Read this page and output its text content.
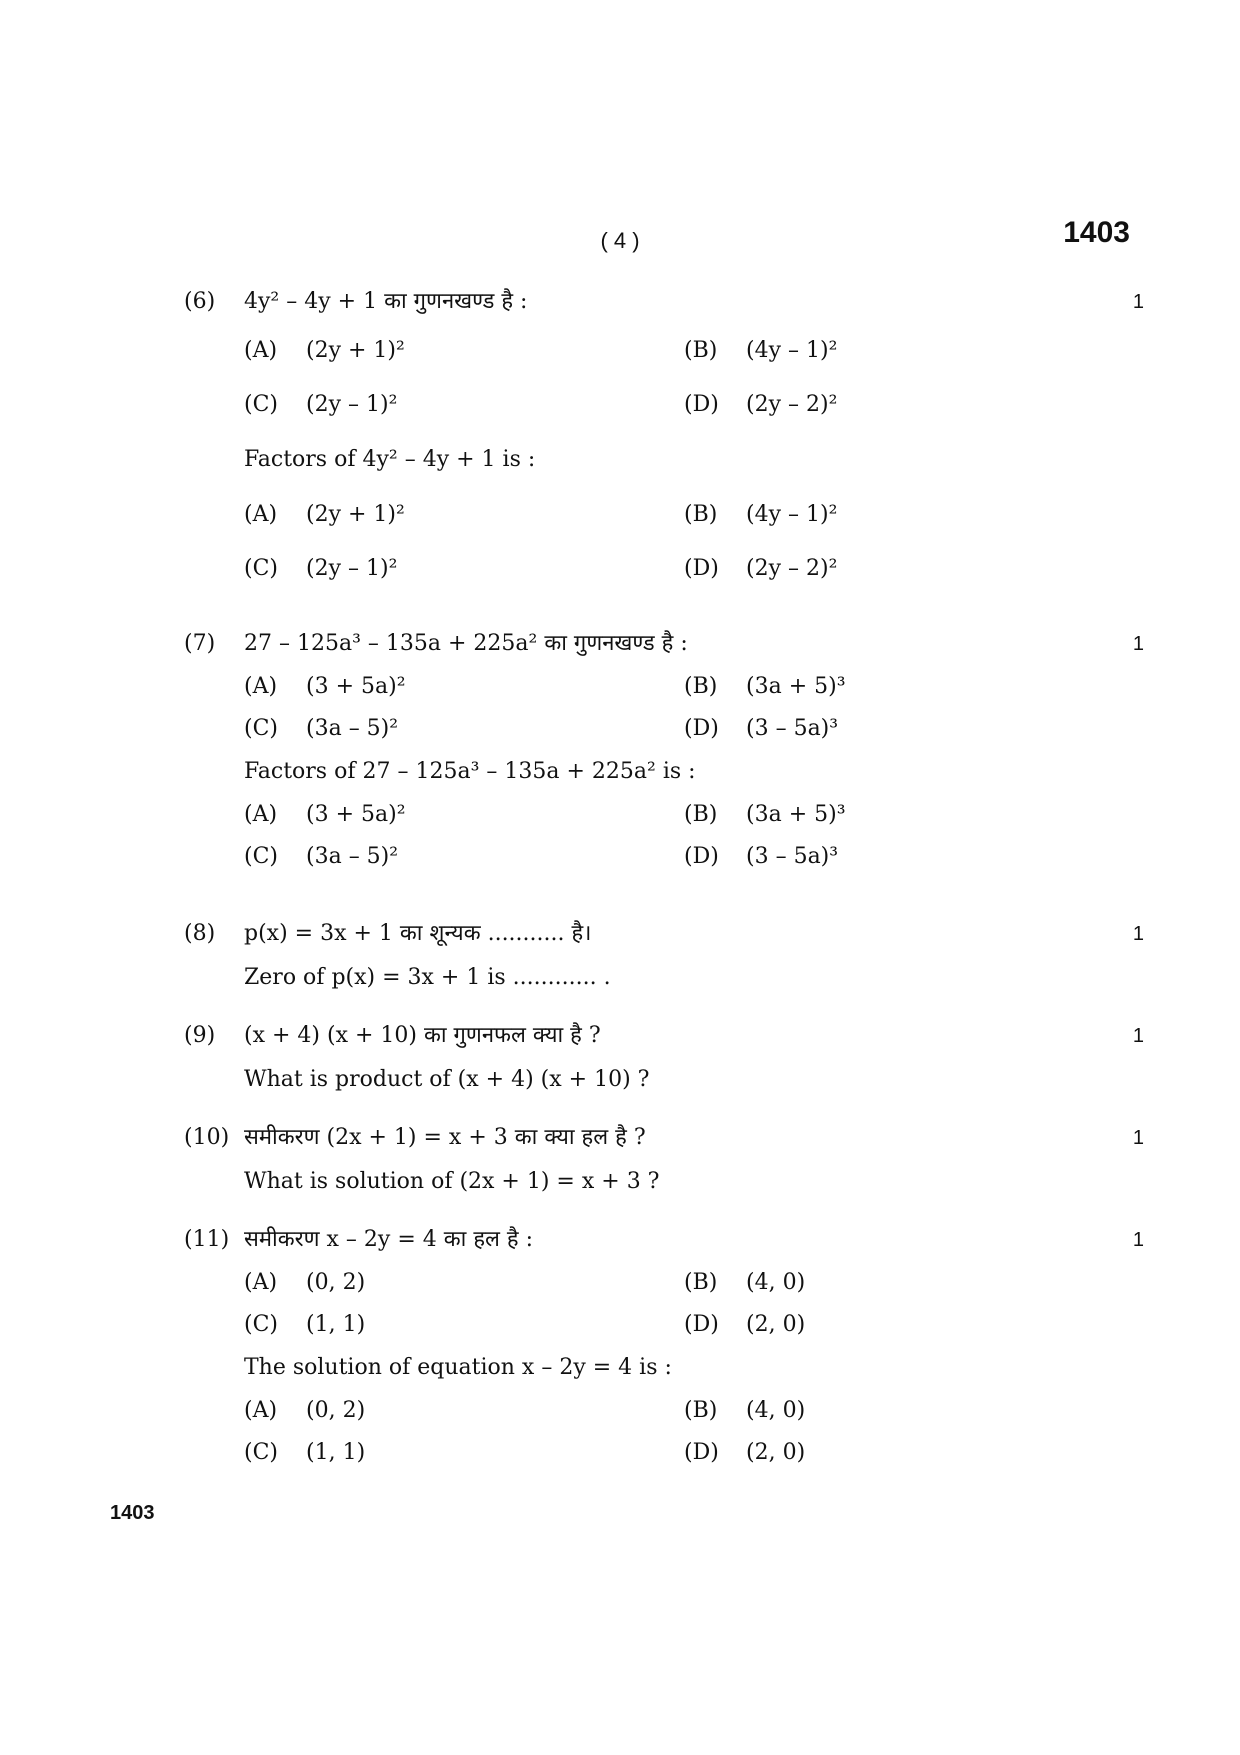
( 4 )	1403
(6) 4y² – 4y + 1 का गुणनखण्ड है :	1
(A) (2y + 1)²	(B) (4y – 1)²
(C) (2y – 1)²	(D) (2y – 2)²
Factors of 4y² – 4y + 1 is :
(A) (2y + 1)²	(B) (4y – 1)²
(C) (2y – 1)²	(D) (2y – 2)²
(7) 27 – 125a³ – 135a + 225a² का गुणनखण्ड है :	1
(A) (3 + 5a)²	(B) (3a + 5)³
(C) (3a – 5)²	(D) (3 – 5a)³
Factors of 27 – 125a³ – 135a + 225a² is :
(A) (3 + 5a)²	(B) (3a + 5)³
(C) (3a – 5)²	(D) (3 – 5a)³
(8) p(x) = 3x + 1 का शून्यक ........... है।	1
Zero of p(x) = 3x + 1 is ............ .
(9) (x + 4) (x + 10) का गुणनफल क्या है ?	1
What is product of (x + 4) (x + 10) ?
(10) समीकरण (2x + 1) = x + 3 का क्या हल है ?	1
What is solution of (2x + 1) = x + 3 ?
(11) समीकरण x – 2y = 4 का हल है :	1
(A) (0, 2)	(B) (4, 0)
(C) (1, 1)	(D) (2, 0)
The solution of equation x – 2y = 4 is :
(A) (0, 2)	(B) (4, 0)
(C) (1, 1)	(D) (2, 0)
1403
